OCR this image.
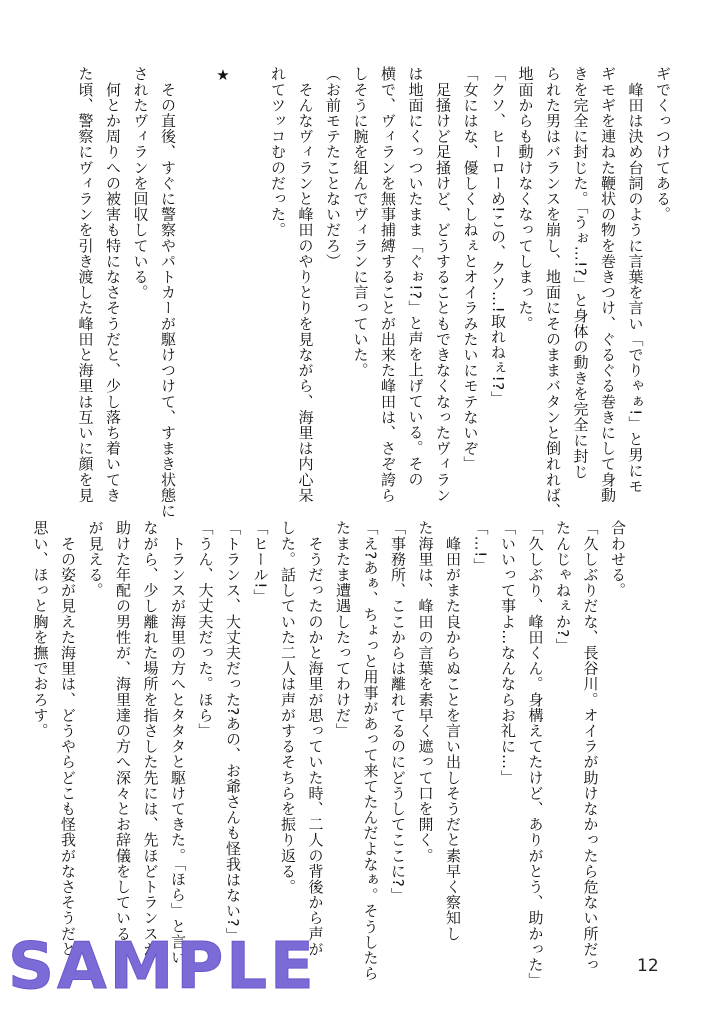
ギでくっつけてある。
　峰田は決め台詞のように言葉を言い「でりゃぁ!」と男にモ
ギモギを連ねた鞭状の物を巻きつけ、ぐるぐる巻きにして身動
きを完全に封じた。「うぉ…!?」と身体の動きを完全に封じ
られた男はバランスを崩し、地面にそのままバタンと倒れれば、
地面からも動けなくなってしまった。
「クソ、ヒーローめ!この、クソ…!取れねぇ!?」
「女にはな、優しくしねぇとオイラみたいにモテないぞ」
　足掻けど足掻けど、どうすることもできなくなったヴィラン
は地面にくっついたまま「ぐぉ!?」と声を上げている。その
横で、ヴィランを無事捕縛することが出来た峰田は、さぞ誇ら
しそうに腕を組んでヴィランに言っていた。
（お前モテたことないだろ）
　そんなヴィランと峰田のやりとりを見ながら、海里は内心呆
れてツッコむのだった。

★

　その直後、すぐに警察やパトカーが駆けつけて、すまき状態に
されたヴィランを回収している。
　何とか周りへの被害も特になさそうだと、少し落ち着いてき
た頃、警察にヴィランを引き渡した峰田と海里は互いに顔を見
合わせる。
「久しぶりだな、長谷川。オイラが助けなかったら危ない所だっ
たんじゃねぇか?」
「久しぶり、峰田くん。身構えてたけど、ありがとう、助かった」
「いいって事よ…なんならお礼に…」
「…!」
　峰田がまた良からぬことを言い出しそうだと素早く察知し
た海里は、峰田の言葉を素早く遮って口を開く。
「事務所、ここからは離れてるのにどうしてここに?」
「え?あぁ、ちょっと用事があって来てたんだよなぁ。そうしたら
たまたま遭遇したってわけだ」
　そうだったのかと海里が思っていた時、二人の背後から声が
した。話していた二人は声がするそちらを振り返る。
「ヒール!」
「トランス、大丈夫だった?あの、お爺さんも怪我はない?」
「うん、大丈夫だった。ほら」
　トランスが海里の方へとタタタと駆けてきた。「ほら」と言い
ながら、少し離れた場所を指さした先には、先ほどトランスが
助けた年配の男性が、海里達の方へ深々とお辞儀をしているの
が見える。
　その姿が見えた海里は、どうやらどこも怪我がなさそうだと
思い、ほっと胸を撫でおろす。
SAMPLE	12
